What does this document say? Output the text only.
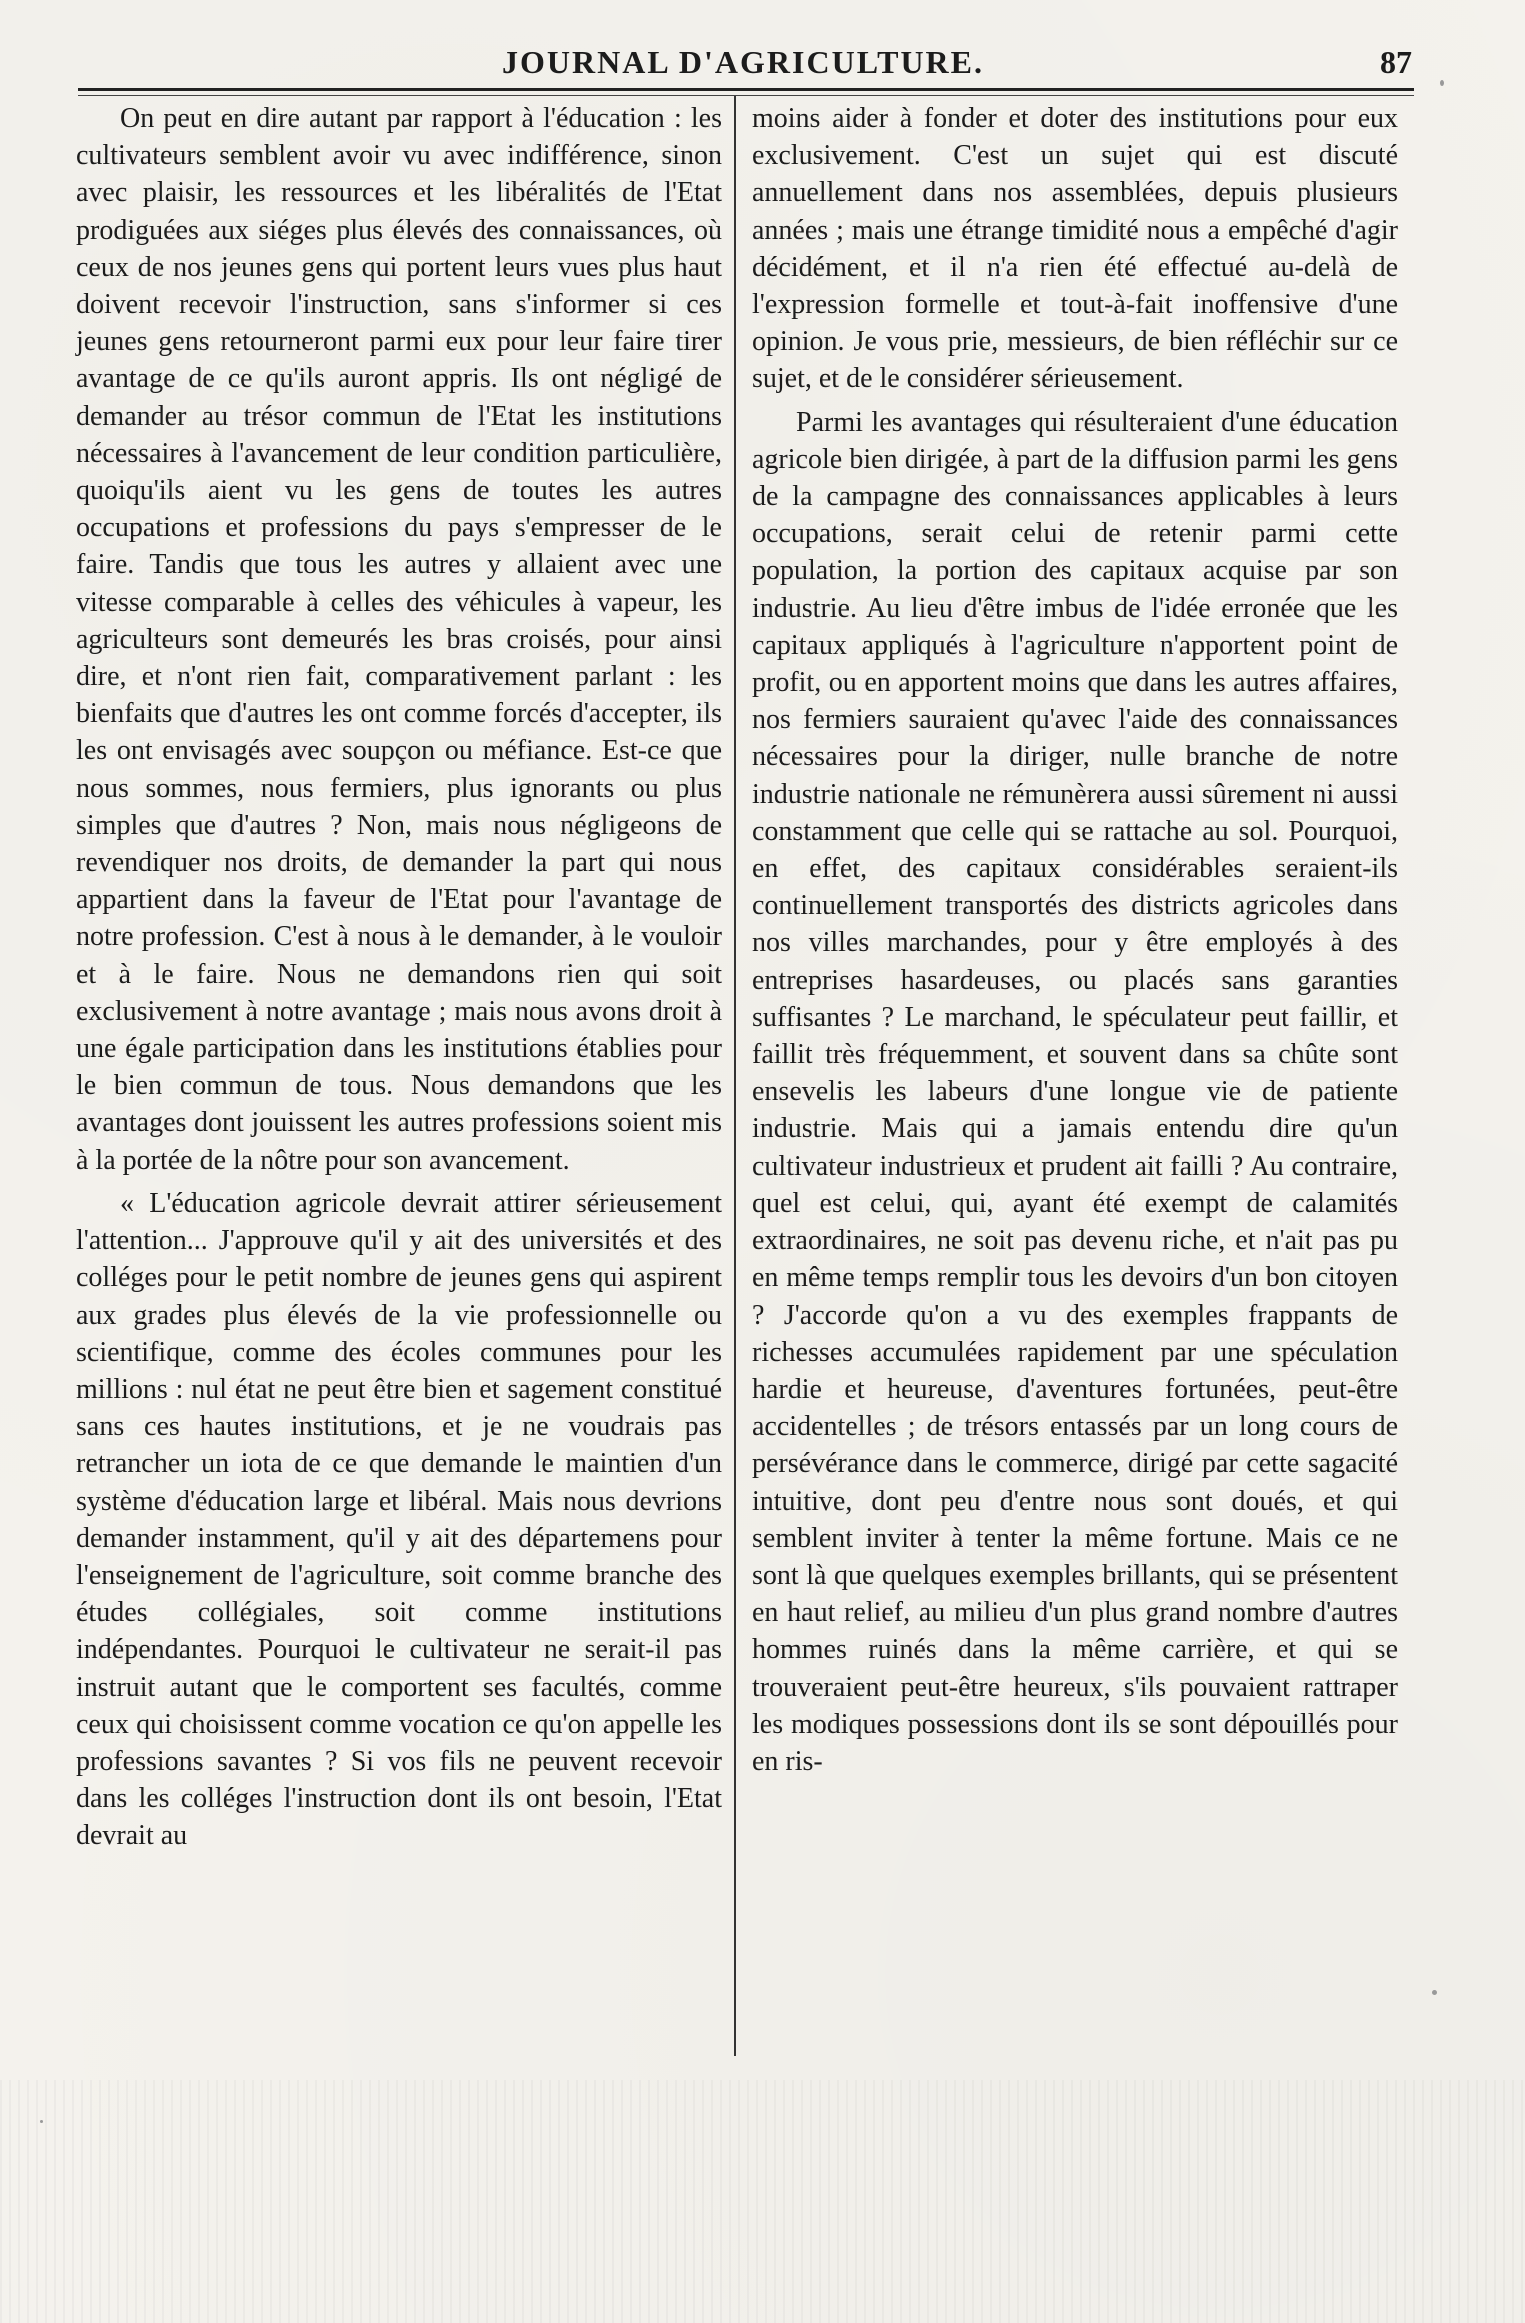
JOURNAL D'AGRICULTURE.	87

On peut en dire autant par rapport à l'éducation : les cultivateurs semblent avoir vu avec indifférence, sinon avec plaisir, les ressources et les libéralités de l'Etat prodiguées aux siéges plus élevés des connaissances, où ceux de nos jeunes gens qui portent leurs vues plus haut doivent recevoir l'instruction, sans s'informer si ces jeunes gens retourneront parmi eux pour leur faire tirer avantage de ce qu'ils auront appris. Ils ont négligé de demander au trésor commun de l'Etat les institutions nécessaires à l'avancement de leur condition particulière, quoiqu'ils aient vu les gens de toutes les autres occupations et professions du pays s'empresser de le faire. Tandis que tous les autres y allaient avec une vitesse comparable à celles des véhicules à vapeur, les agriculteurs sont demeurés les bras croisés, pour ainsi dire, et n'ont rien fait, comparativement parlant : les bienfaits que d'autres les ont comme forcés d'accepter, ils les ont envisagés avec soupçon ou méfiance. Est-ce que nous sommes, nous fermiers, plus ignorants ou plus simples que d'autres ? Non, mais nous négligeons de revendiquer nos droits, de demander la part qui nous appartient dans la faveur de l'Etat pour l'avantage de notre profession. C'est à nous à le demander, à le vouloir et à le faire. Nous ne demandons rien qui soit exclusivement à notre avantage ; mais nous avons droit à une égale participation dans les institutions établies pour le bien commun de tous. Nous demandons que les avantages dont jouissent les autres professions soient mis à la portée de la nôtre pour son avancement.

« L'éducation agricole devrait attirer sérieusement l'attention... J'approuve qu'il y ait des universités et des colléges pour le petit nombre de jeunes gens qui aspirent aux grades plus élevés de la vie professionnelle ou scientifique, comme des écoles communes pour les millions : nul état ne peut être bien et sagement constitué sans ces hautes institutions, et je ne voudrais pas retrancher un iota de ce que demande le maintien d'un système d'éducation large et libéral. Mais nous devrions demander instamment, qu'il y ait des départemens pour l'enseignement de l'agriculture, soit comme branche des études collégiales, soit comme institutions indépendantes. Pourquoi le cultivateur ne serait-il pas instruit autant que le comportent ses facultés, comme ceux qui choisissent comme vocation ce qu'on appelle les professions savantes ? Si vos fils ne peuvent recevoir dans les colléges l'instruction dont ils ont besoin, l'Etat devrait au

moins aider à fonder et doter des institutions pour eux exclusivement. C'est un sujet qui est discuté annuellement dans nos assemblées, depuis plusieurs années ; mais une étrange timidité nous a empêché d'agir décidément, et il n'a rien été effectué au-delà de l'expression formelle et tout-à-fait inoffensive d'une opinion. Je vous prie, messieurs, de bien réfléchir sur ce sujet, et de le considérer sérieusement.

Parmi les avantages qui résulteraient d'une éducation agricole bien dirigée, à part de la diffusion parmi les gens de la campagne des connaissances applicables à leurs occupations, serait celui de retenir parmi cette population, la portion des capitaux acquise par son industrie. Au lieu d'être imbus de l'idée erronée que les capitaux appliqués à l'agriculture n'apportent point de profit, ou en apportent moins que dans les autres affaires, nos fermiers sauraient qu'avec l'aide des connaissances nécessaires pour la diriger, nulle branche de notre industrie nationale ne rémunèrera aussi sûrement ni aussi constamment que celle qui se rattache au sol. Pourquoi, en effet, des capitaux considérables seraient-ils continuellement transportés des districts agricoles dans nos villes marchandes, pour y être employés à des entreprises hasardeuses, ou placés sans garanties suffisantes ? Le marchand, le spéculateur peut faillir, et faillit très fréquemment, et souvent dans sa chûte sont ensevelis les labeurs d'une longue vie de patiente industrie. Mais qui a jamais entendu dire qu'un cultivateur industrieux et prudent ait failli ? Au contraire, quel est celui, qui, ayant été exempt de calamités extraordinaires, ne soit pas devenu riche, et n'ait pas pu en même temps remplir tous les devoirs d'un bon citoyen ? J'accorde qu'on a vu des exemples frappants de richesses accumulées rapidement par une spéculation hardie et heureuse, d'aventures fortunées, peut-être accidentelles ; de trésors entassés par un long cours de persévérance dans le commerce, dirigé par cette sagacité intuitive, dont peu d'entre nous sont doués, et qui semblent inviter à tenter la même fortune. Mais ce ne sont là que quelques exemples brillants, qui se présentent en haut relief, au milieu d'un plus grand nombre d'autres hommes ruinés dans la même carrière, et qui se trouveraient peut-être heureux, s'ils pouvaient rattraper les modiques possessions dont ils se sont dépouillés pour en ris-
